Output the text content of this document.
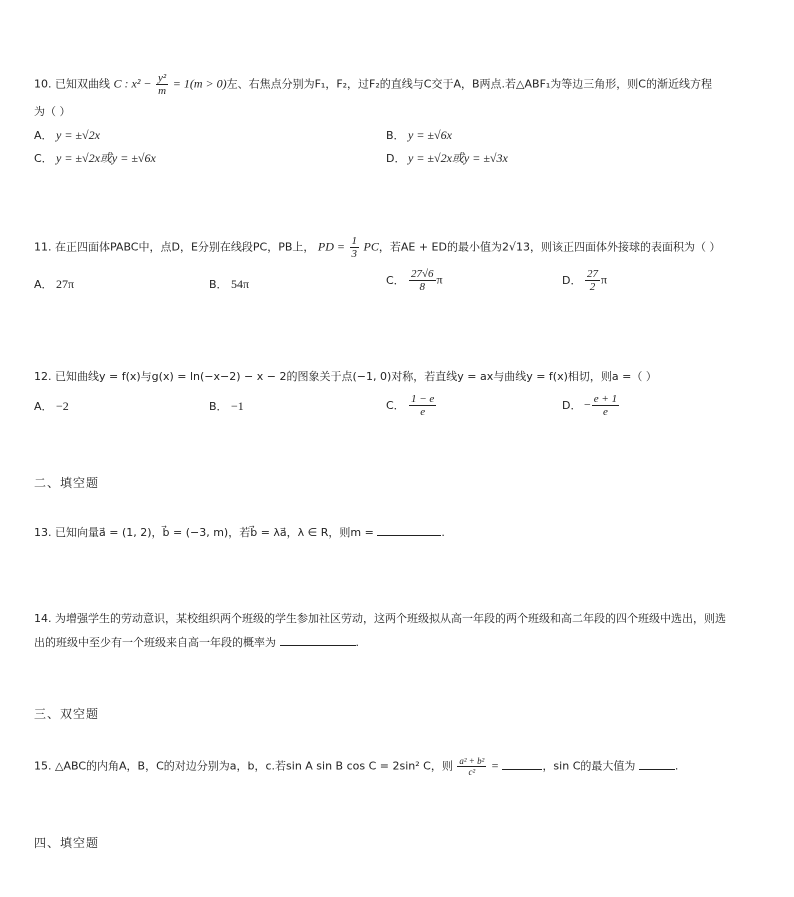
10. 已知双曲线 C : $x^2 - \frac{\text{y²}}{m} = 1(m > 0)$左、右焦点分别为F₁，F₂，过F₂的直线与C交于A，B两点.若△ABF₁为等边三角形，则C的渐近线方程
为（ ）
A． y = ±√2x	B． y = ±√6x
C． y = ±√2x或y = ±√6x	D． y = ±√2x或y = ±√3x
11. 在正四面体PABC中，点D，E分别在线段PC，PB上， PD = $\frac{1}{3}$ PC，若AE + ED的最小值为2√13，则该正四面体外接球的表面积为（ ）
A． 27π	B． 54π	C． $\frac{27√6}{8}$ π	D． $\frac{27}{2}$ π
12. 已知曲线y = f(x)与g(x) = ln(−x−2) − x − 2的图象关于点(−1, 0)对称，若直线y = ax与曲线y = f(x)相切，则a =（ ）
A． −2	B． −1	C． $\frac{1 - e}{e}$	D． − $\frac{e + 1}{e}$
二、填空题
13. 已知向量a⃗ = (1, 2)，b⃗ = (−3, m)，若b⃗ = λa⃗，λ ∈ R，则m =	.
14. 为增强学生的劳动意识，某校组织两个班级的学生参加社区劳动，这两个班级拟从高一年段的两个班级和高二年段的四个班级中选出，则选
出的班级中至少有一个班级来自高一年段的概率为	.
三、双空题
15. △ABC的内角A，B，C的对边分别为a，b，c.若sin A sin B cos C = 2sin² C，则 $\frac{\text{a² + b²}}{\text{c²}}$ =	，sin C的最大值为	.
四、填空题
